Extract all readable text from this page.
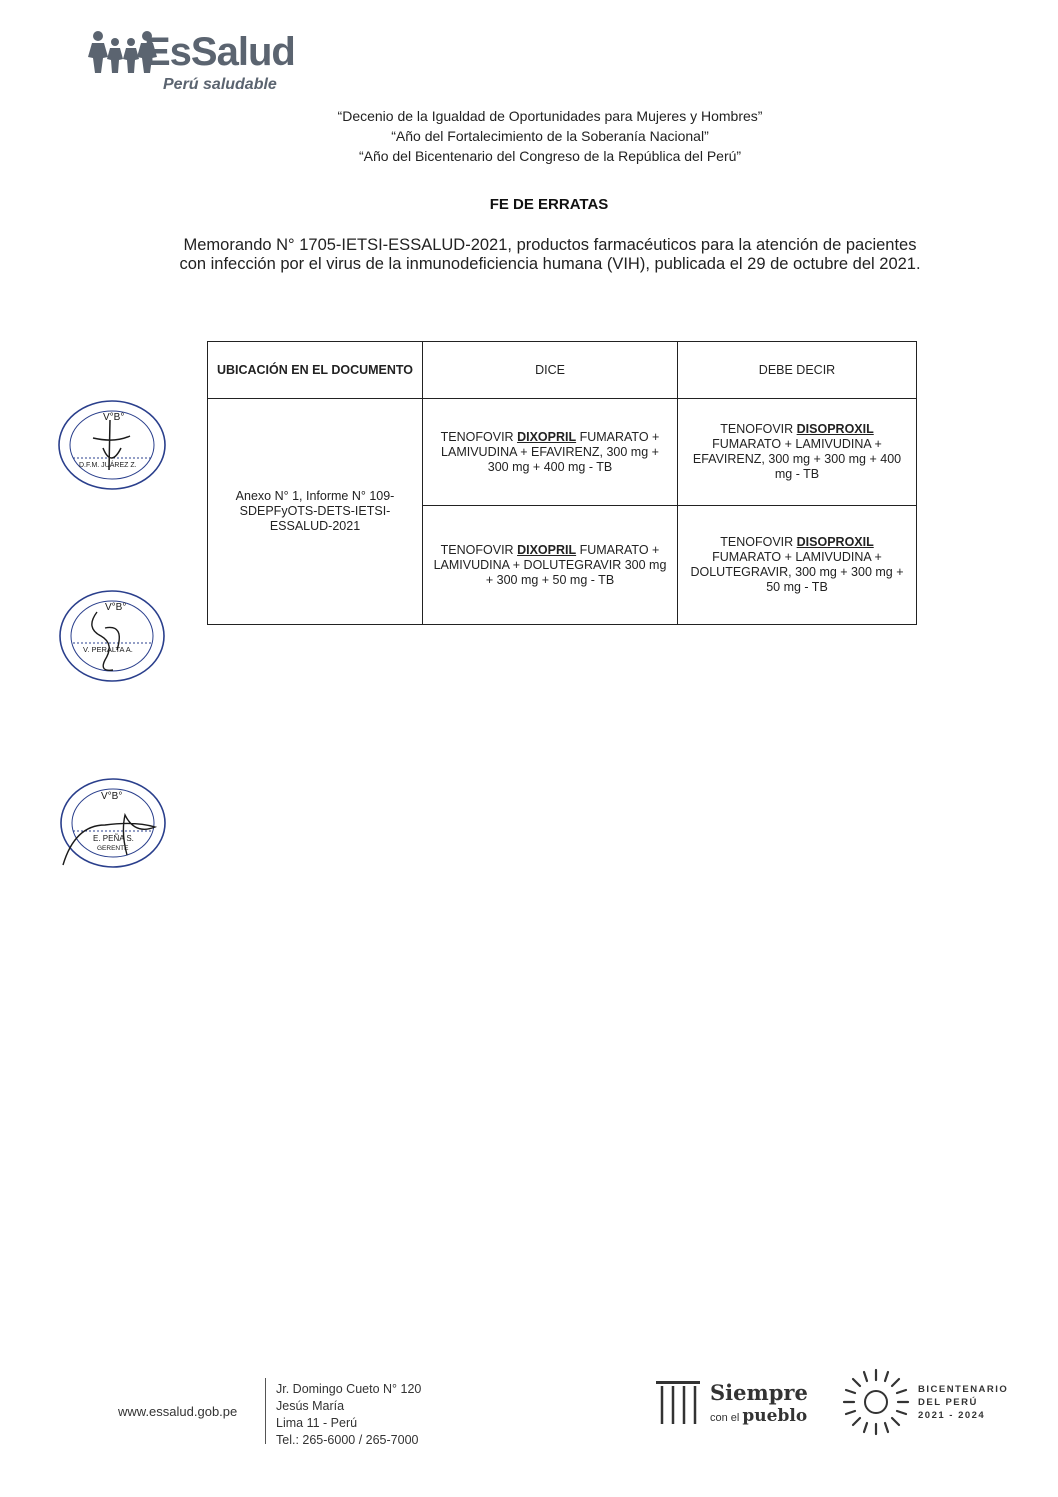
EsSalud
Perú saludable
“Decenio de la Igualdad de Oportunidades para Mujeres y Hombres”
“Año del Fortalecimiento de la Soberanía Nacional”
“Año del Bicentenario del Congreso de la República del Perú”
FE DE ERRATAS
Memorando N° 1705-IETSI-ESSALUD-2021, productos farmacéuticos para la atención de pacientes con infección por el virus de la inmunodeficiencia humana (VIH), publicada el 29 de octubre del 2021.
UBICACIÓN EN EL DOCUMENTO	DICE	DEBE DECIR
Anexo N° 1, Informe N° 109-SDEPFyOTS-DETS-IETSI-ESSALUD-2021	TENOFOVIR DIXOPRIL FUMARATO + LAMIVUDINA + EFAVIRENZ, 300 mg + 300 mg + 400 mg - TB	TENOFOVIR DISOPROXIL FUMARATO + LAMIVUDINA + EFAVIRENZ, 300 mg + 300 mg + 400 mg - TB
	TENOFOVIR DIXOPRIL FUMARATO + LAMIVUDINA + DOLUTEGRAVIR 300 mg + 300 mg + 50 mg - TB	TENOFOVIR DISOPROXIL FUMARATO + LAMIVUDINA + DOLUTEGRAVIR, 300 mg + 300 mg + 50 mg - TB
V°B°
D.F.M. JUÁREZ Z.
V°B°
V. PERALTA A.
V°B°
E. PEÑA S.
GERENTE
www.essalud.gob.pe
Jr. Domingo Cueto N° 120
Jesús María
Lima 11 - Perú
Tel.: 265-6000 / 265-7000
Siempre
con el pueblo
BICENTENARIO
DEL PERÚ
2021 - 2024
